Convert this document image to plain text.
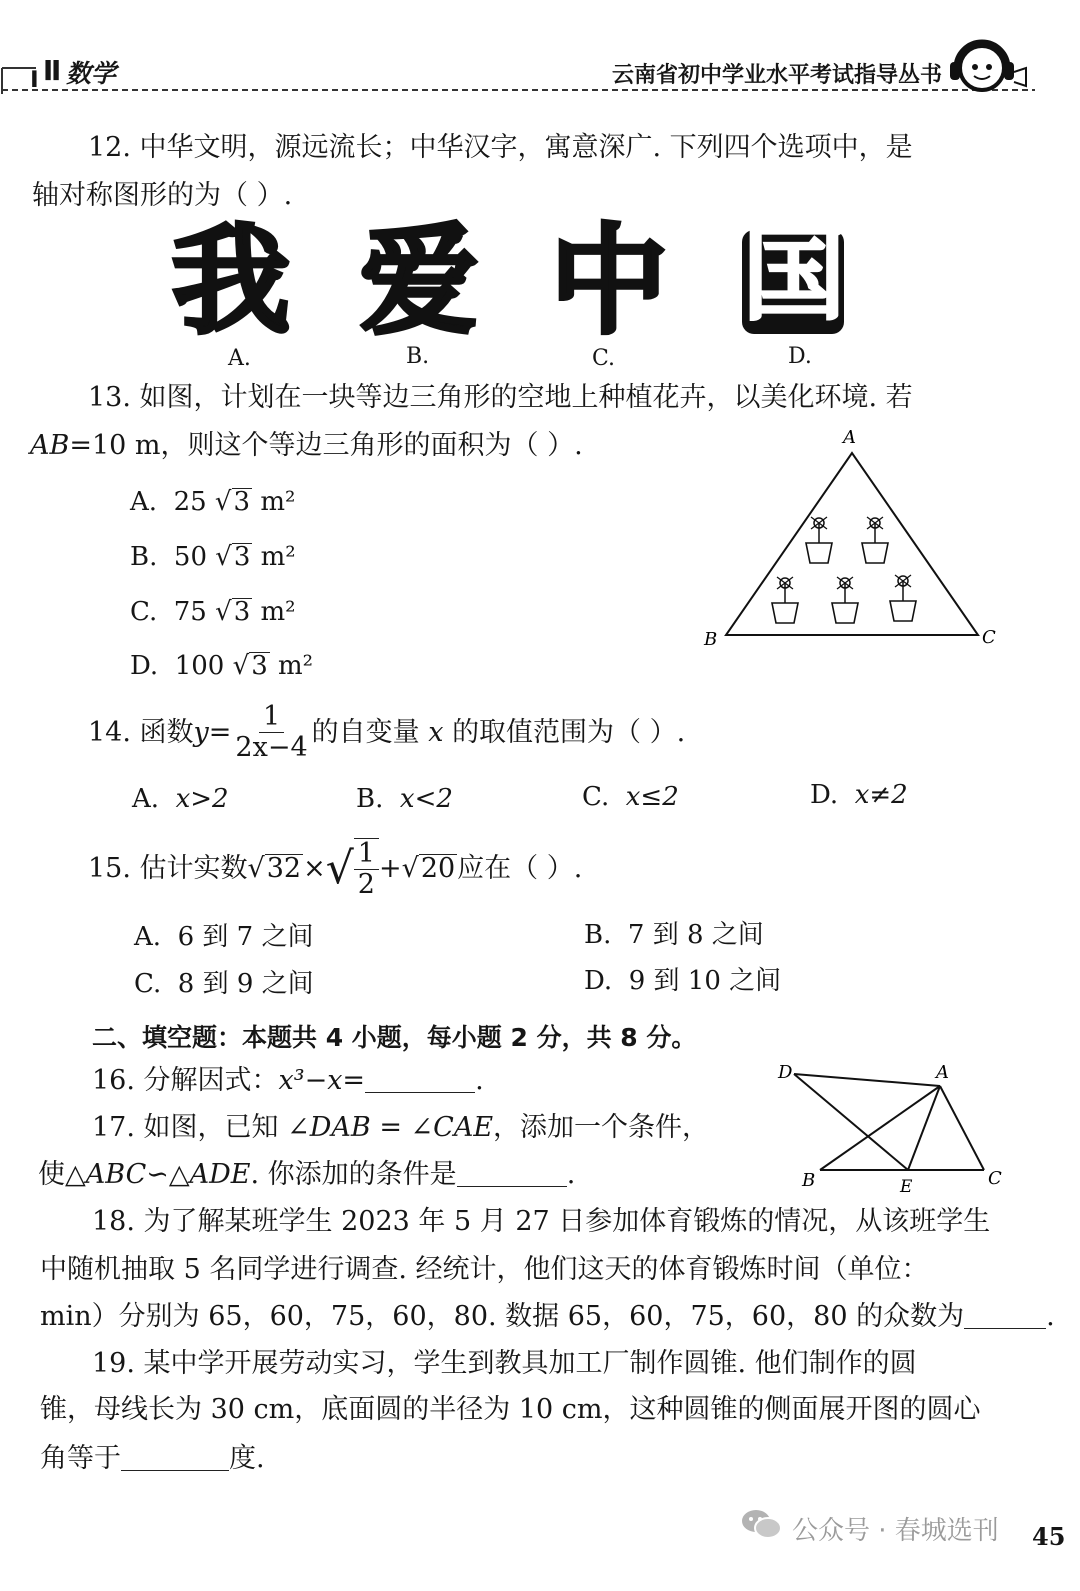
╻Ⅱ 数学	云南省初中学业水平考试指导丛书
12. 中华文明，源远流长；中华汉字，寓意深广. 下列四个选项中，是
轴对称图形的为（ ）.
我 爱 中 国
A.	B.	C.	D.
13. 如图，计划在一块等边三角形的空地上种植花卉，以美化环境. 若
AB=10 m，则这个等边三角形的面积为（ ）.
A. 25 √3 m²
B. 50 √3 m²
C. 75 √3 m²
D. 100 √3 m²
A
B	C
14. 函数 $y= \frac{1}{2x-4}$ 的自变量
x
的取值范围为（ ）.
A. x>2	B. x<2	C. x≤2	D. x≠2
15. 估计实数 √ 32 × √ $\frac{1}{2}$ + √ 20 应在（ ）.
A. 6 到 7 之间	B. 7 到 8 之间
C. 8 到 9 之间	D. 9 到 10 之间
二、填空题：本题共 4 小题，每小题 2 分，共 8 分。
16. 分解因式：x³−x=	.
17. 如图，已知 ∠DAB = ∠CAE，添加一个条件，
使△ABC∽△ADE. 你添加的条件是	.
D	A
B	E	C
18. 为了解某班学生 2023 年 5 月 27 日参加体育锻炼的情况，从该班学生
中随机抽取 5 名同学进行调查. 经统计，他们这天的体育锻炼时间（单位：
min）分别为 65，60，75，60，80. 数据 65，60，75，60，80 的众数为	.
19. 某中学开展劳动实习，学生到教具加工厂制作圆锥. 他们制作的圆
锥，母线长为 30 cm，底面圆的半径为 10 cm，这种圆锥的侧面展开图的圆心
角等于	度.
公众号 · 春城选刊 45
